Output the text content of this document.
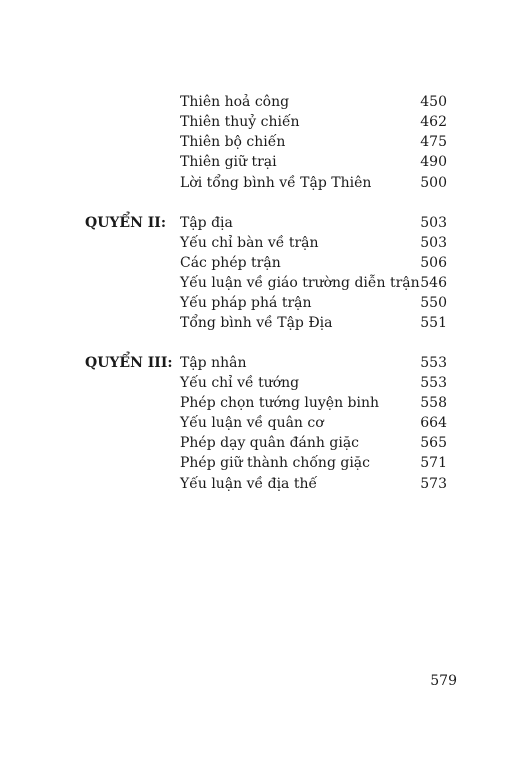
Thiên hoả công	450
Thiên thuỷ chiến	462
Thiên bộ chiến	475
Thiên giữ trại	490
Lời tổng bình về Tập Thiên	500
QUYỂN II: Tập địa	503
Yếu chỉ bàn về trận	503
Các phép trận	506
Yếu luận về giáo trường diễn trận 546
Yếu pháp phá trận	550
Tổng bình về Tập Địa	551
QUYỂN III: Tập nhân	553
Yếu chỉ về tướng	553
Phép chọn tướng luyện binh	558
Yếu luận về quân cơ	664
Phép dạy quân đánh giặc	565
Phép giữ thành chống giặc	571
Yếu luận về địa thế	573
579
